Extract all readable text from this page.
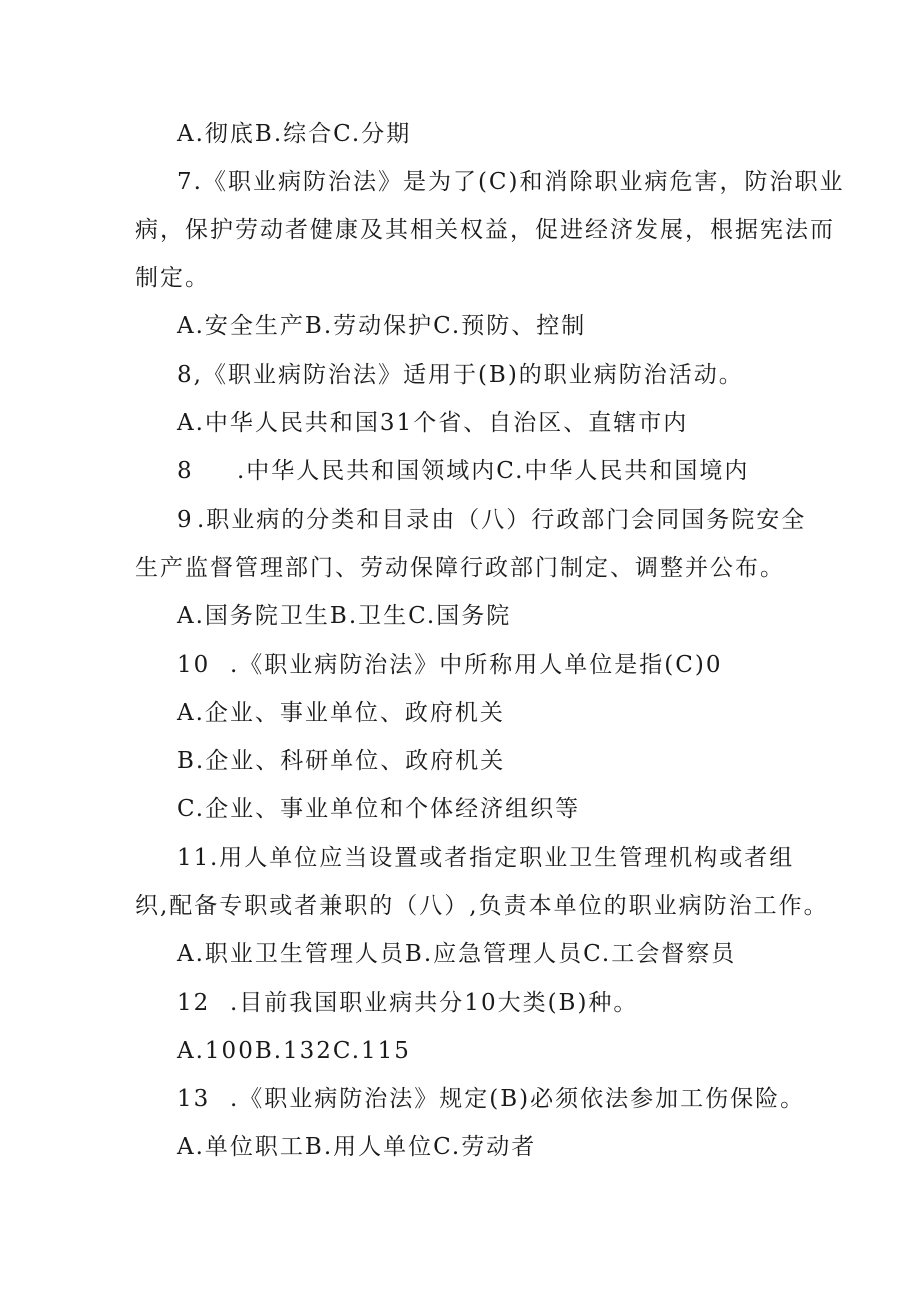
A.彻底B.综合C.分期
7.《职业病防治法》是为了(C)和消除职业病危害，防治职业
病，保护劳动者健康及其相关权益，促进经济发展，根据宪法而
制定。
A.安全生产B.劳动保护C.预防、控制
8,《职业病防治法》适用于(B)的职业病防治活动。
A.中华人民共和国31个省、自治区、直辖市内
8 .中华人民共和国领域内C.中华人民共和国境内
9 .职业病的分类和目录由（八）行政部门会同国务院安全
生产监督管理部门、劳动保障行政部门制定、调整并公布。
A.国务院卫生B.卫生C.国务院
10 .《职业病防治法》中所称用人单位是指(C)0
A.企业、事业单位、政府机关
B.企业、科研单位、政府机关
C.企业、事业单位和个体经济组织等
11.用人单位应当设置或者指定职业卫生管理机构或者组
织,配备专职或者兼职的（八）,负责本单位的职业病防治工作。
A.职业卫生管理人员B.应急管理人员C.工会督察员
12 .目前我国职业病共分10大类(B)种。
A.100B.132C.115
13 .《职业病防治法》规定(B)必须依法参加工伤保险。
A.单位职工B.用人单位C.劳动者
